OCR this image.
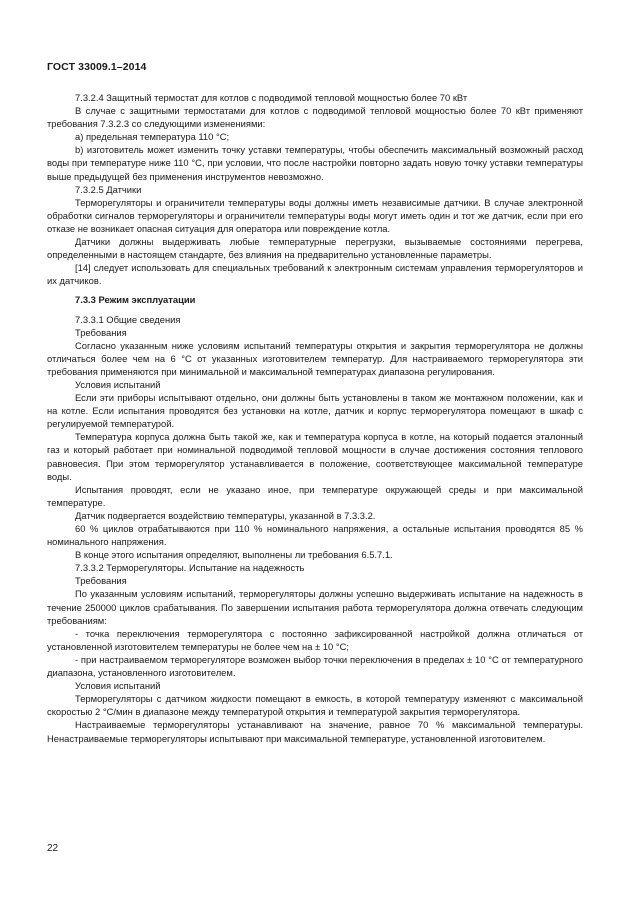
ГОСТ 33009.1–2014

7.3.2.4 Защитный термостат для котлов с подводимой тепловой мощностью более 70 кВт

В случае с защитными термостатами для котлов с подводимой тепловой мощностью более 70 кВт применяют требования 7.3.2.3 со следующими изменениями:

а) предельная температура 110 °С;

b) изготовитель может изменить точку уставки температуры, чтобы обеспечить максимальный возможный расход воды при температуре ниже 110 °С, при условии, что после настройки повторно задать новую точку уставки температуры выше предыдущей без применения инструментов невозможно.

7.3.2.5 Датчики

Терморегуляторы и ограничители температуры воды должны иметь независимые датчики. В случае электронной обработки сигналов терморегуляторы и ограничители температуры воды могут иметь один и тот же датчик, если при его отказе не возникает опасная ситуация для оператора или повреждение котла.

Датчики должны выдерживать любые температурные перегрузки, вызываемые состояниями перегрева, определенными в настоящем стандарте, без влияния на предварительно установленные параметры.

[14] следует использовать для специальных требований к электронным системам управления терморегуляторов и их датчиков.

7.3.3 Режим эксплуатации

7.3.3.1 Общие сведения

Требования

Согласно указанным ниже условиям испытаний температуры открытия и закрытия терморегулятора не должны отличаться более чем на 6 °С от указанных изготовителем температур. Для настраиваемого терморегулятора эти требования применяются при минимальной и максимальной температурах диапазона регулирования.

Условия испытаний

Если эти приборы испытывают отдельно, они должны быть установлены в таком же монтажном положении, как и на котле. Если испытания проводятся без установки на котле, датчик и корпус терморегулятора помещают в шкаф с регулируемой температурой.

Температура корпуса должна быть такой же, как и температура корпуса в котле, на который подается эталонный газ и который работает при номинальной подводимой тепловой мощности в случае достижения состояния теплового равновесия. При этом терморегулятор устанавливается в положение, соответствующее максимальной температуре воды.

Испытания проводят, если не указано иное, при температуре окружающей среды и при максимальной температуре.

Датчик подвергается воздействию температуры, указанной в 7.3.3.2.

60 % циклов отрабатываются при 110 % номинального напряжения, а остальные испытания проводятся 85 % номинального напряжения.

В конце этого испытания определяют, выполнены ли требования 6.5.7.1.

7.3.3.2 Терморегуляторы. Испытание на надежность

Требования

По указанным условиям испытаний, терморегуляторы должны успешно выдерживать испытание на надежность в течение 250000 циклов срабатывания. По завершении испытания работа терморегулятора должна отвечать следующим требованиям:

- точка переключения терморегулятора с постоянно зафиксированной настройкой должна отличаться от установленной изготовителем температуры не более чем на ± 10 °С;

- при настраиваемом терморегуляторе возможен выбор точки переключения в пределах ± 10 °С от температурного диапазона, установленного изготовителем.

Условия испытаний

Терморегуляторы с датчиком жидкости помещают в емкость, в которой температуру изменяют с максимальной скоростью 2 °С/мин в диапазоне между температурой открытия и температурой закрытия терморегулятора.

Настраиваемые терморегуляторы устанавливают на значение, равное 70 % максимальной температуры. Ненастраиваемые терморегуляторы испытывают при максимальной температуре, установленной изготовителем.

22
